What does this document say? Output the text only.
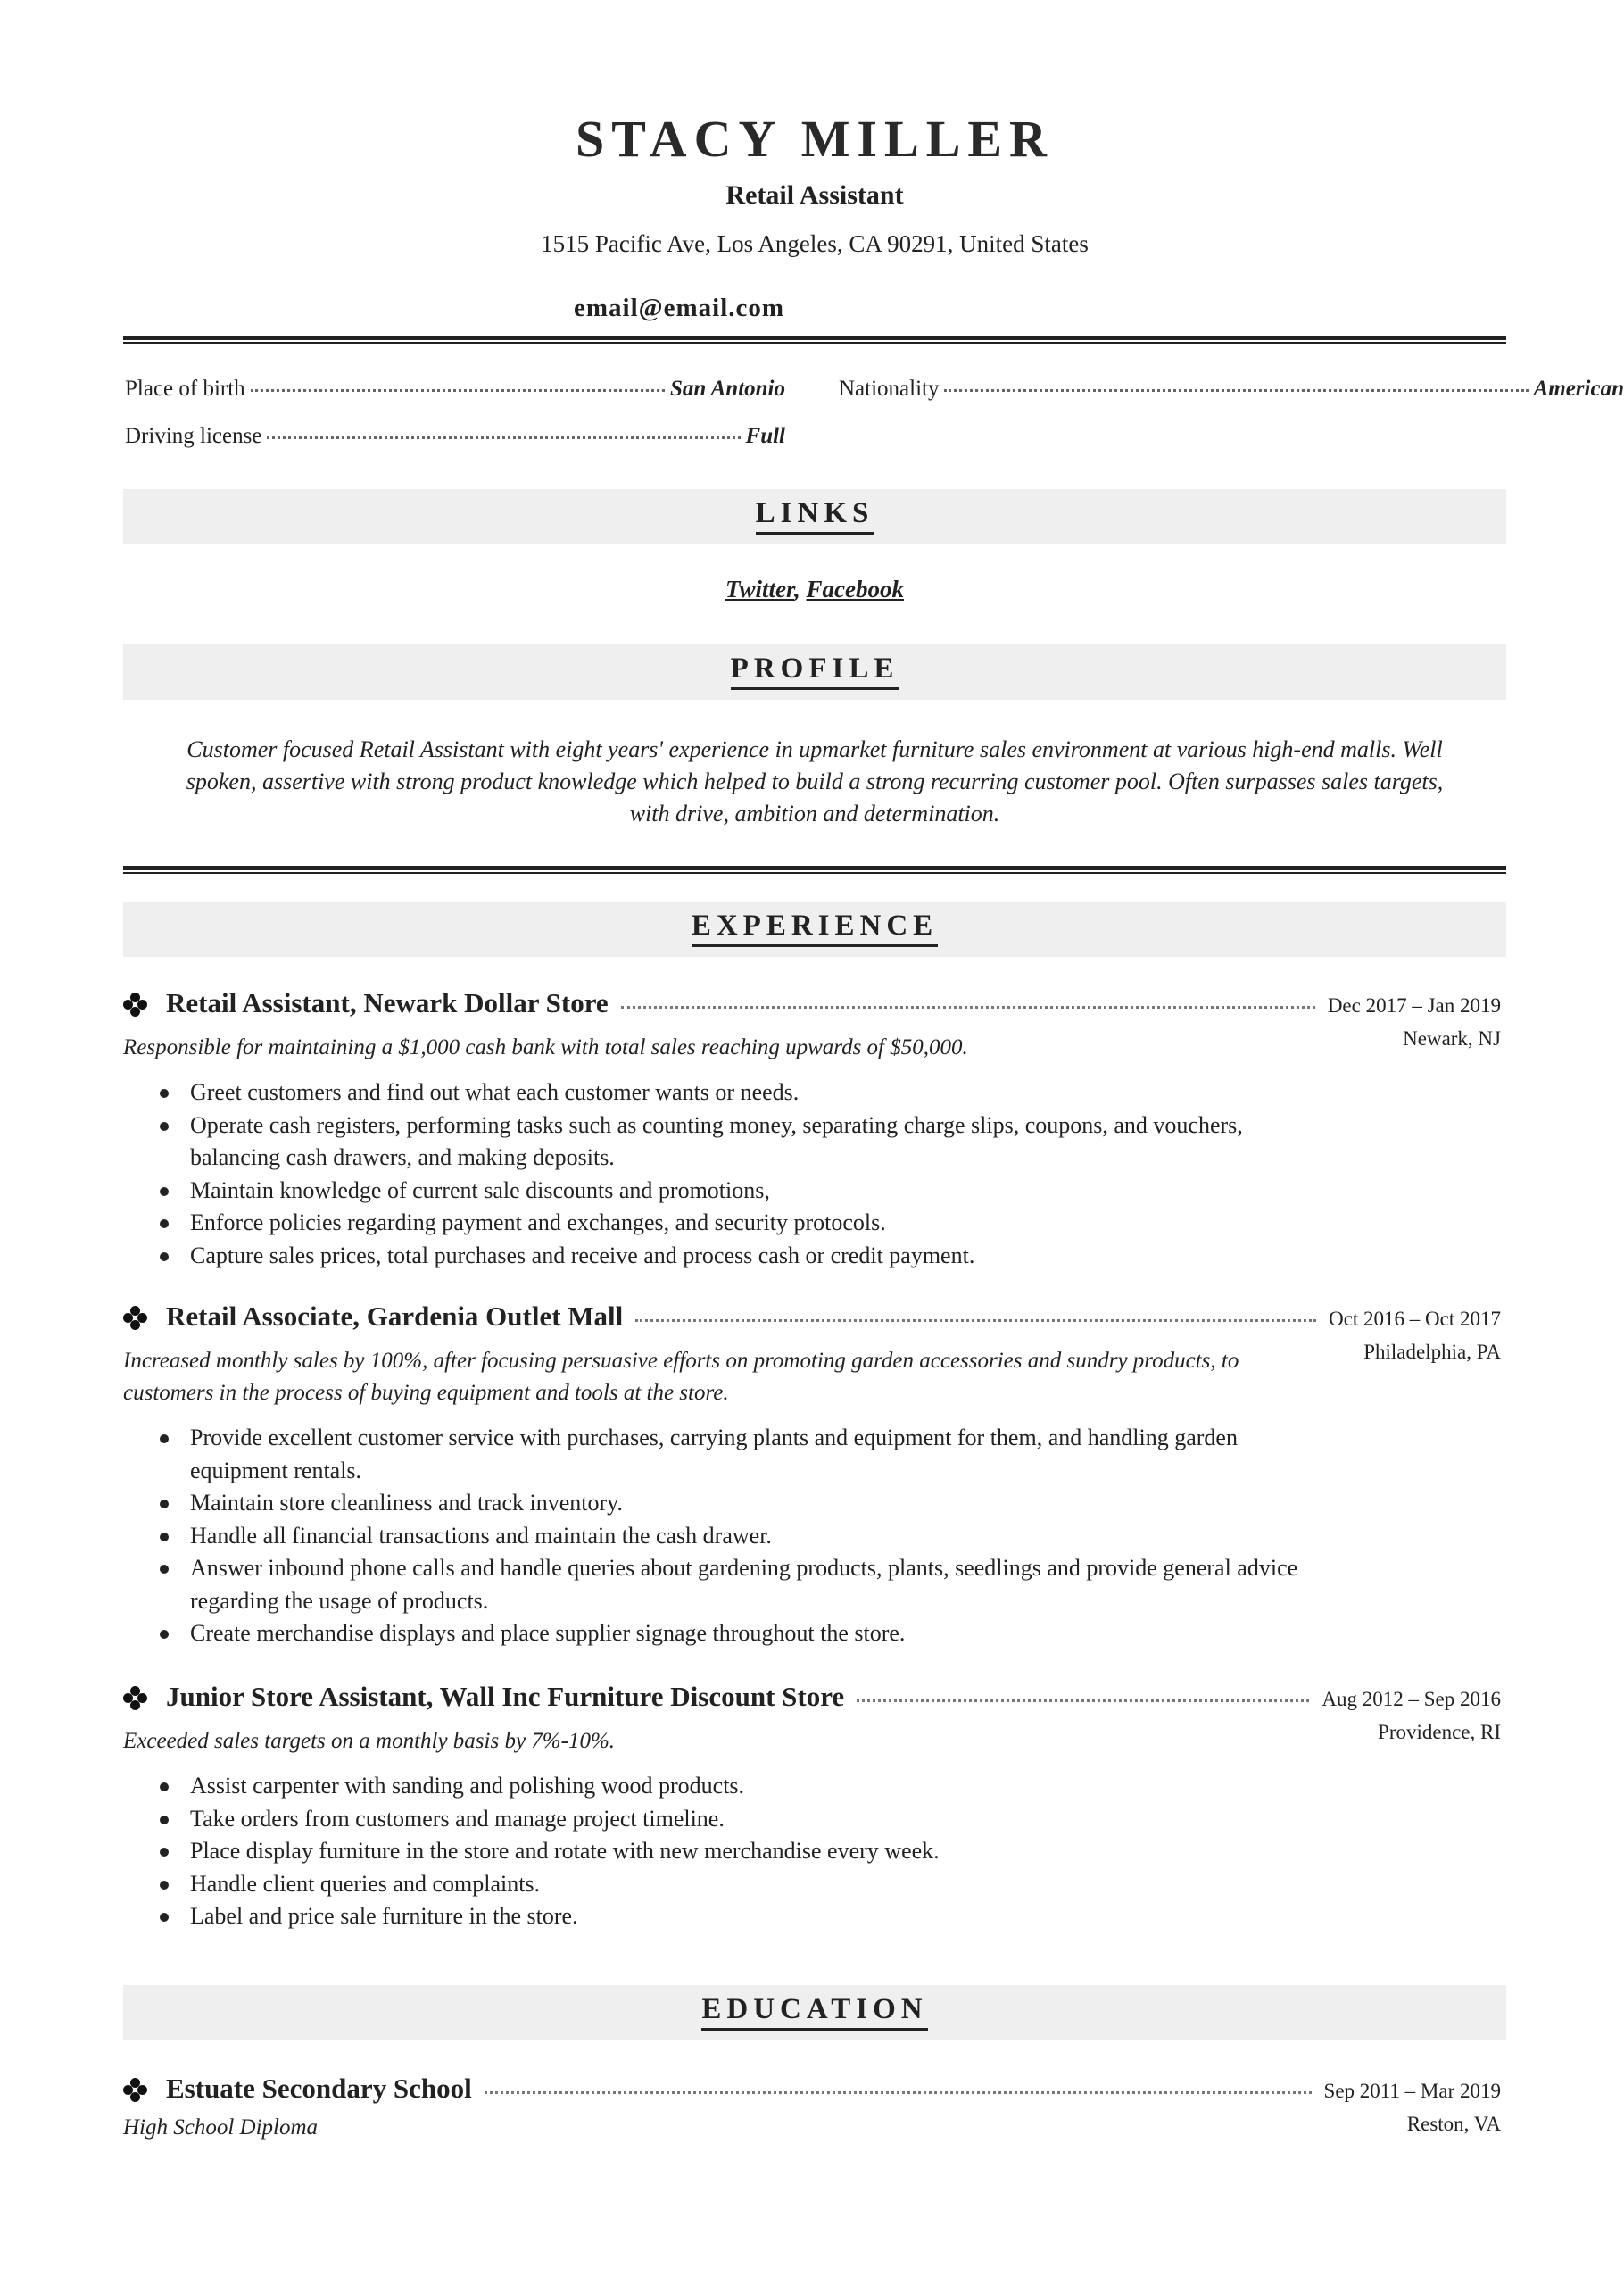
STACY MILLER
Retail Assistant
1515 Pacific Ave, Los Angeles, CA 90291, United States
email@email.com
Place of birth	San Antonio Nationality	American
Driving license	Full
LINKS
Twitter, Facebook
PROFILE
Customer focused Retail Assistant with eight years' experience in upmarket furniture sales environment at various high-end malls. Well spoken, assertive with strong product knowledge which helped to build a strong recurring customer pool. Often surpasses sales targets, with drive, ambition and determination.
EXPERIENCE
Retail Assistant, Newark Dollar Store	Dec 2017 – Jan 2019
Newark, NJ
Responsible for maintaining a $1,000 cash bank with total sales reaching upwards of $50,000.
Greet customers and find out what each customer wants or needs.
Operate cash registers, performing tasks such as counting money, separating charge slips, coupons, and vouchers, balancing cash drawers, and making deposits.
Maintain knowledge of current sale discounts and promotions,
Enforce policies regarding payment and exchanges, and security protocols.
Capture sales prices, total purchases and receive and process cash or credit payment.
Retail Associate, Gardenia Outlet Mall	Oct 2016 – Oct 2017
Philadelphia, PA
Increased monthly sales by 100%, after focusing persuasive efforts on promoting garden accessories and sundry products, to customers in the process of buying equipment and tools at the store.
Provide excellent customer service with purchases, carrying plants and equipment for them, and handling garden equipment rentals.
Maintain store cleanliness and track inventory.
Handle all financial transactions and maintain the cash drawer.
Answer inbound phone calls and handle queries about gardening products, plants, seedlings and provide general advice regarding the usage of products.
Create merchandise displays and place supplier signage throughout the store.
Junior Store Assistant, Wall Inc Furniture Discount Store	Aug 2012 – Sep 2016
Providence, RI
Exceeded sales targets on a monthly basis by 7%-10%.
Assist carpenter with sanding and polishing wood products.
Take orders from customers and manage project timeline.
Place display furniture in the store and rotate with new merchandise every week.
Handle client queries and complaints.
Label and price sale furniture in the store.
EDUCATION
Estuate Secondary School	Sep 2011 – Mar 2019
Reston, VA
High School Diploma
